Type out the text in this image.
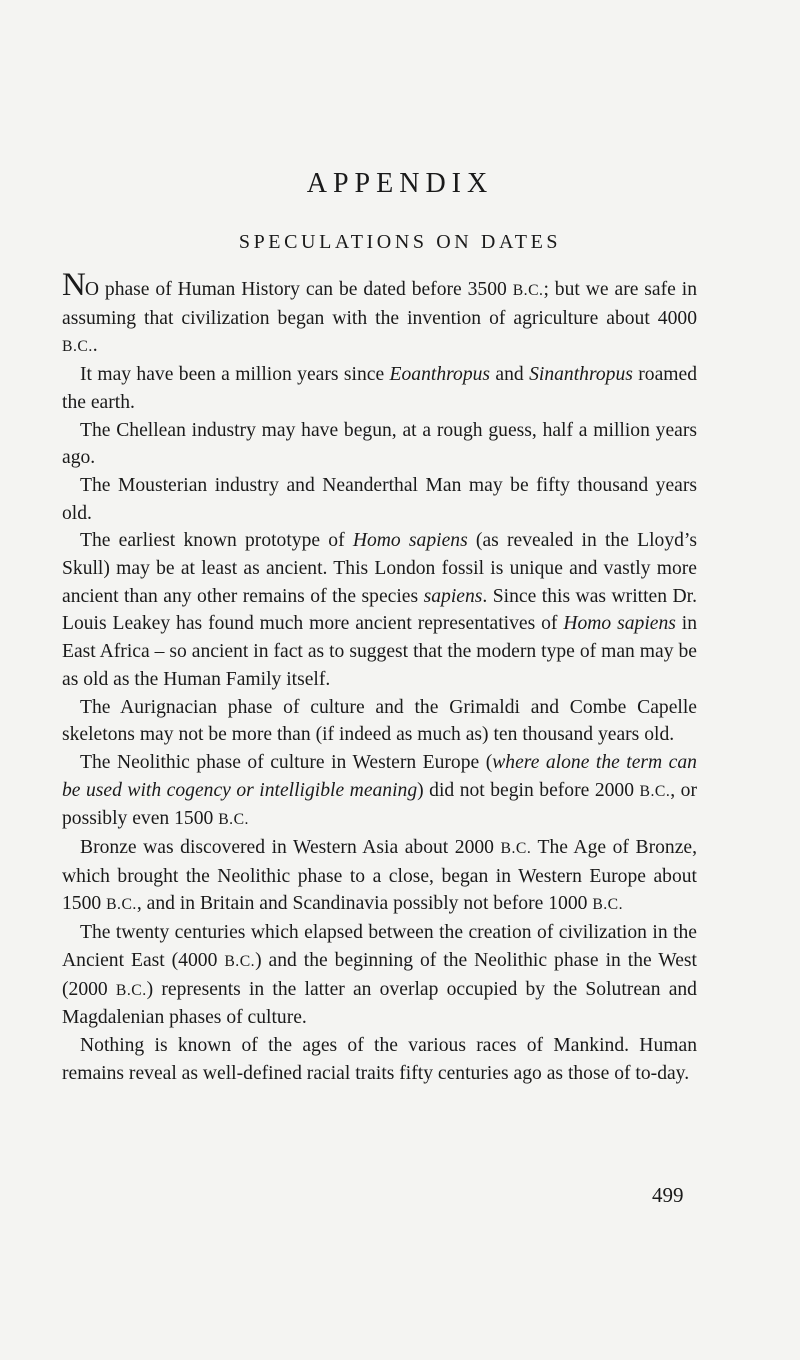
APPENDIX
SPECULATIONS ON DATES

NO phase of Human History can be dated before 3500 B.C.; but we are safe in assuming that civilization began with the invention of agriculture about 4000 B.C..

It may have been a million years since Eoanthropus and Sinanthropus roamed the earth.

The Chellean industry may have begun, at a rough guess, half a million years ago.

The Mousterian industry and Neanderthal Man may be fifty thousand years old.

The earliest known prototype of Homo sapiens (as revealed in the Lloyd’s Skull) may be at least as ancient. This London fossil is unique and vastly more ancient than any other remains of the species sapiens. Since this was written Dr. Louis Leakey has found much more ancient representatives of Homo sapiens in East Africa – so ancient in fact as to suggest that the modern type of man may be as old as the Human Family itself.

The Aurignacian phase of culture and the Grimaldi and Combe Capelle skeletons may not be more than (if indeed as much as) ten thousand years old.

The Neolithic phase of culture in Western Europe (where alone the term can be used with cogency or intelligible meaning) did not begin before 2000 B.C., or possibly even 1500 B.C.

Bronze was discovered in Western Asia about 2000 B.C. The Age of Bronze, which brought the Neolithic phase to a close, began in Western Europe about 1500 B.C., and in Britain and Scandinavia possibly not before 1000 B.C.

The twenty centuries which elapsed between the creation of civilization in the Ancient East (4000 B.C.) and the beginning of the Neolithic phase in the West (2000 B.C.) represents in the latter an overlap occupied by the Solutrean and Magdalenian phases of culture.

Nothing is known of the ages of the various races of Mankind. Human remains reveal as well-defined racial traits fifty centuries ago as those of to-day.

499
